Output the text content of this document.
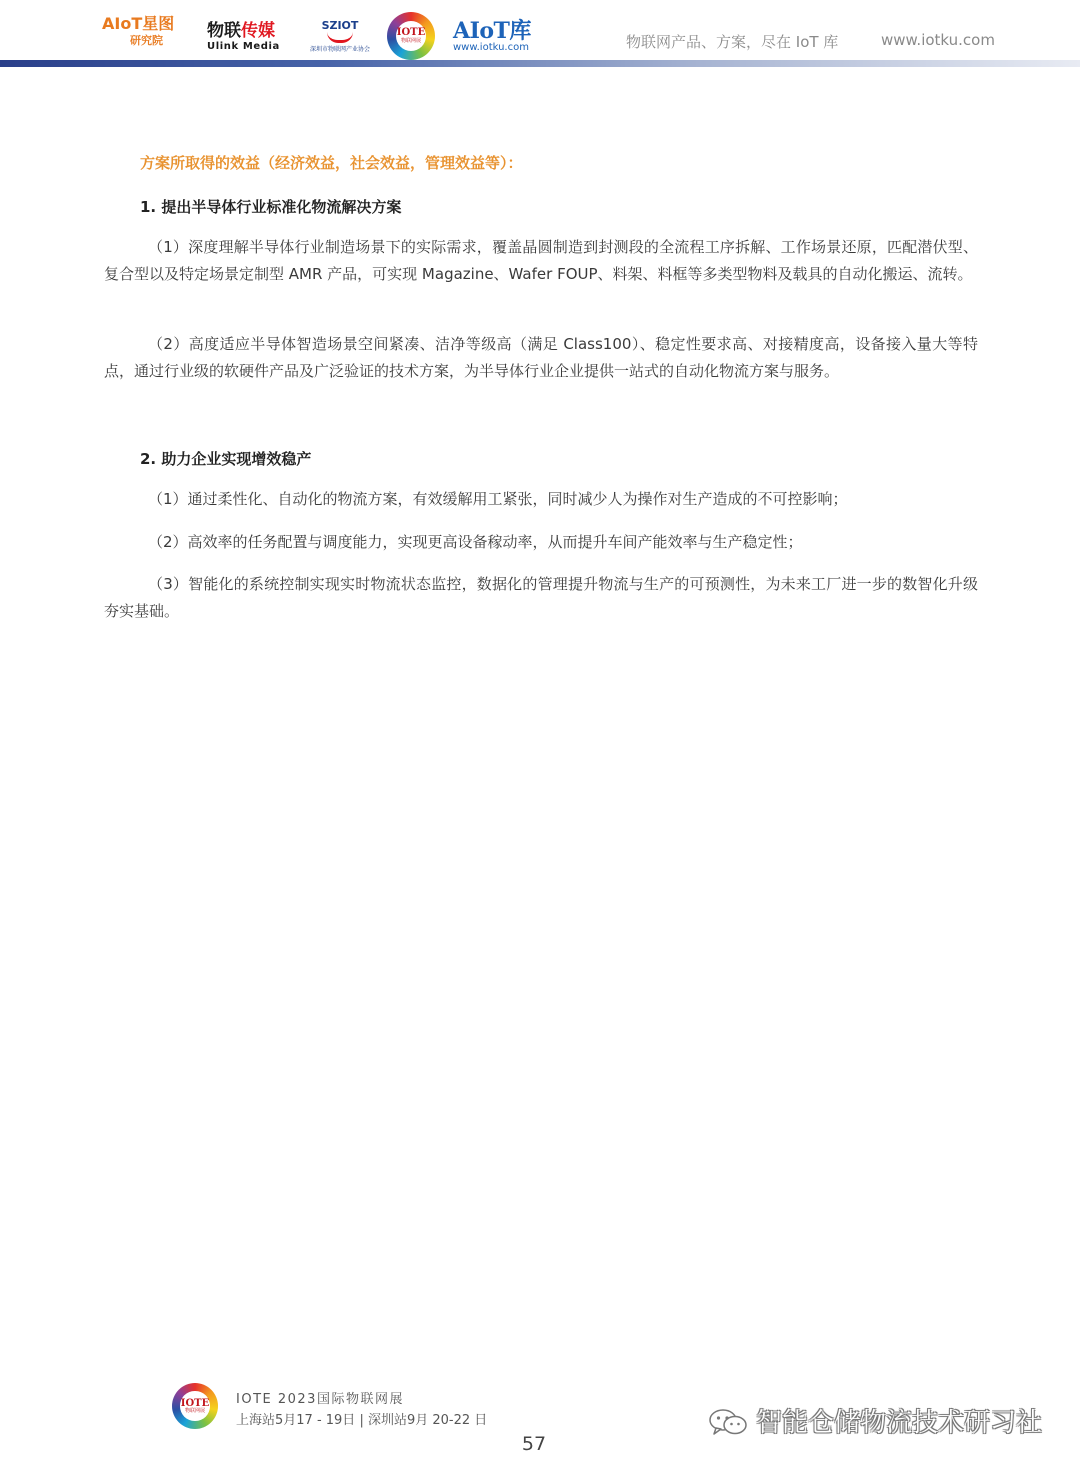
AIoT星图
研究院	物联传媒
Ulink Media
SZIOT
深圳市物联网产业协会
IOTE
物联网展	AIoT库
www.iotku.com	物联网产品、方案，尽在 IoT 库	www.iotku.com
方案所取得的效益（经济效益，社会效益，管理效益等）：
1. 提出半导体行业标准化物流解决方案
（1）深度理解半导体行业制造场景下的实际需求，覆盖晶圆制造到封测段的全流程工序拆解、工作场景还原，匹配潜伏型、复合型以及特定场景定制型 AMR 产品，可实现 Magazine、Wafer FOUP、料架、料框等多类型物料及载具的自动化搬运、流转。
（2）高度适应半导体智造场景空间紧凑、洁净等级高（满足 Class100）、稳定性要求高、对接精度高，设备接入量大等特点，通过行业级的软硬件产品及广泛验证的技术方案，为半导体行业企业提供一站式的自动化物流方案与服务。
2. 助力企业实现增效稳产
（1）通过柔性化、自动化的物流方案，有效缓解用工紧张，同时减少人为操作对生产造成的不可控影响；
（2）高效率的任务配置与调度能力，实现更高设备稼动率，从而提升车间产能效率与生产稳定性；
（3）智能化的系统控制实现实时物流状态监控，数据化的管理提升物流与生产的可预测性，为未来工厂进一步的数智化升级夯实基础。
IOTE
物联网展
IOTE 2023国际物联网展
上海站5月17 - 19日 | 深圳站9月 20-22 日
57
智能仓储物流技术研习社
